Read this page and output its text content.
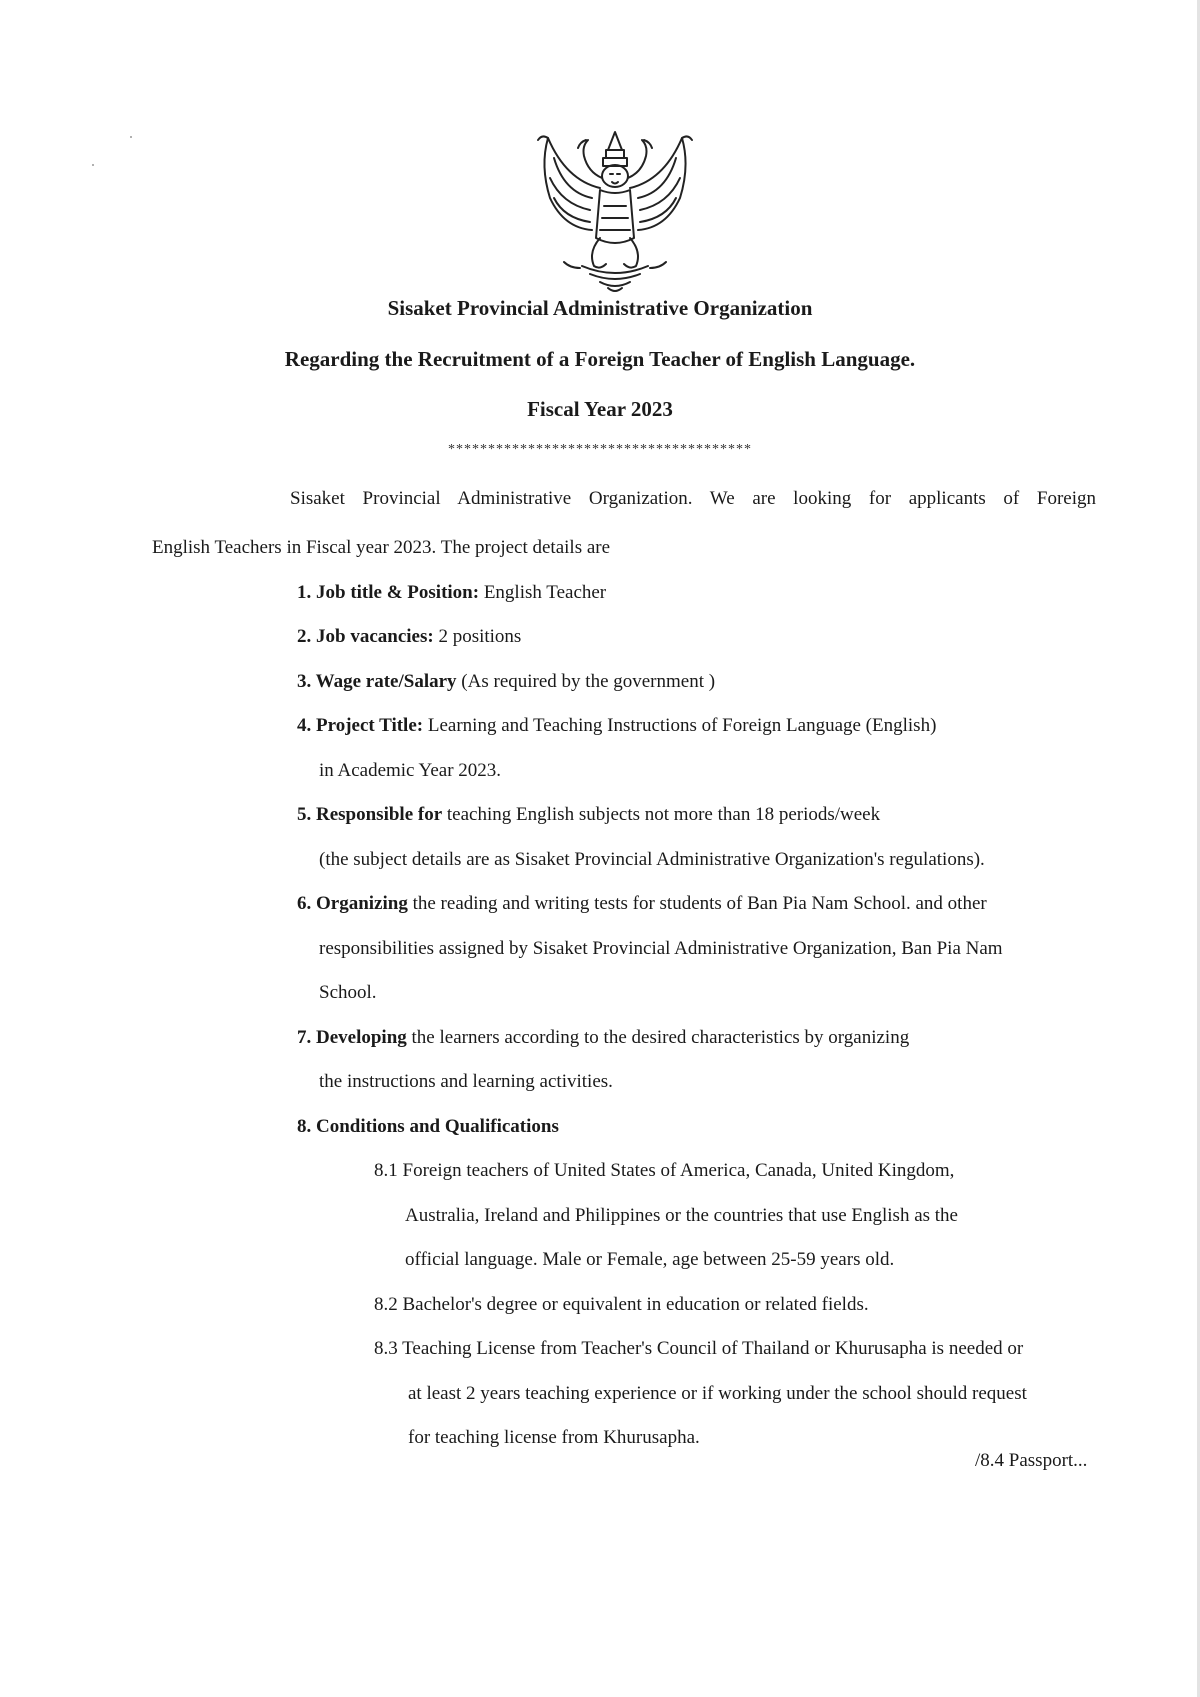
Sisaket Provincial Administrative Organization
Regarding the Recruitment of a Foreign Teacher of English Language.
Fiscal Year 2023
**************************************
Sisaket Provincial Administrative Organization. We are looking for applicants of Foreign
English Teachers in Fiscal year 2023. The project details are
1. Job title & Position: English Teacher
2. Job vacancies: 2 positions
3. Wage rate/Salary (As required by the government )
4. Project Title: Learning and Teaching Instructions of Foreign Language (English)
in Academic Year 2023.
5. Responsible for teaching English subjects not more than 18 periods/week
(the subject details are as Sisaket Provincial Administrative Organization's regulations).
6. Organizing the reading and writing tests for students of Ban Pia Nam School. and other
responsibilities assigned by Sisaket Provincial Administrative Organization, Ban Pia Nam
School.
7. Developing the learners according to the desired characteristics by organizing
the instructions and learning activities.
8. Conditions and Qualifications
8.1 Foreign teachers of United States of America, Canada, United Kingdom,
Australia, Ireland and Philippines or the countries that use English as the
official language. Male or Female, age between 25-59 years old.
8.2 Bachelor's degree or equivalent in education or related fields.
8.3 Teaching License from Teacher's Council of Thailand or Khurusapha is needed or
at least 2 years teaching experience or if working under the school should request
for teaching license from Khurusapha.
/8.4 Passport...
